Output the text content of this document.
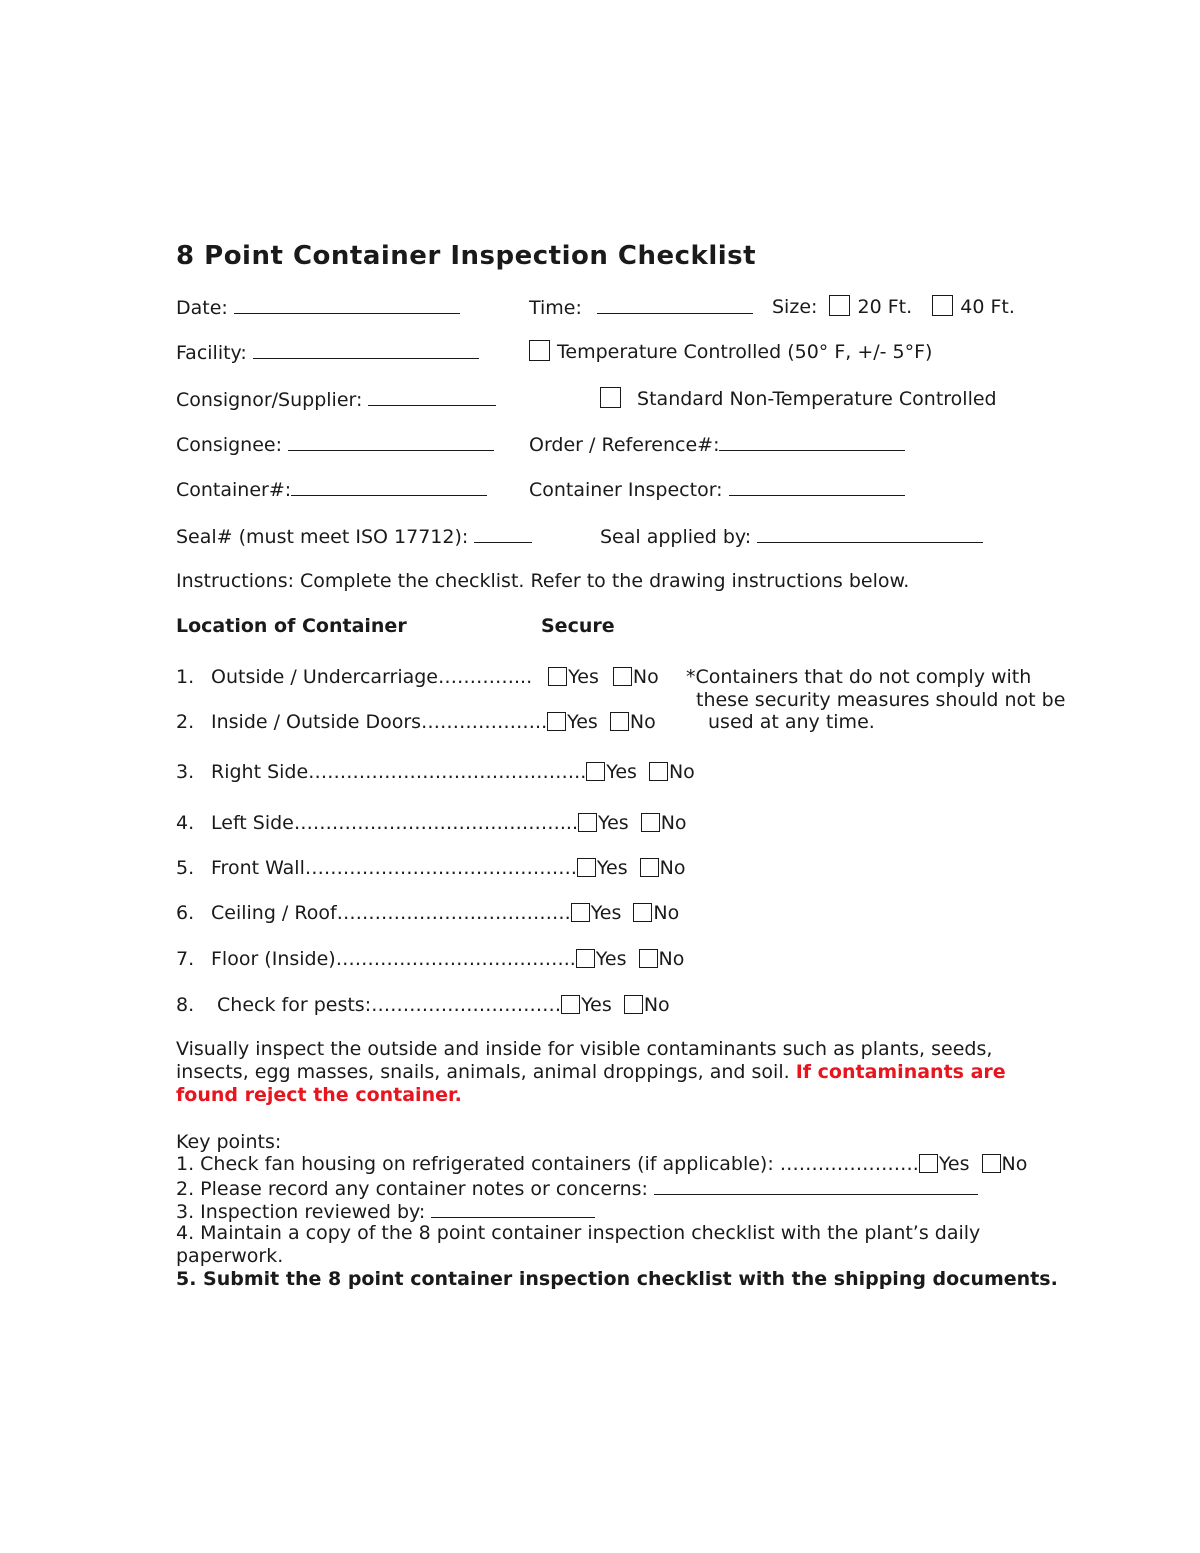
8 Point Container Inspection Checklist
Date:	Time:	Size: 20 Ft.	40 Ft.
Facility:	Temperature Controlled (50° F, +/- 5°F)
Consignor/Supplier:	Standard Non-Temperature Controlled
Consignee:	Order / Reference#:
Container#:	Container Inspector:
Seal# (must meet ISO 17712):	Seal applied by:
Instructions: Complete the checklist. Refer to the drawing instructions below.
Location of Container	Secure
1. Outside / Undercarriage…………... Yes No
2. Inside / Outside Doors……………….. Yes No
*Containers that do not comply with
these security measures should not be
used at any time.
3. Right Side…………………………………….. Yes No
4. Left Side……………………………………... Yes No
5. Front Wall……………………………………. Yes No
6. Ceiling / Roof………………………………. Yes No
7. Floor (Inside)……………………………….. Yes No
8. Check for pests:………………………… Yes No
Visually inspect the outside and inside for visible contaminants such as plants, seeds, insects, egg masses, snails, animals, animal droppings, and soil. If contaminants are found reject the container.
Key points:
1. Check fan housing on refrigerated containers (if applicable): …………………. Yes No
2. Please record any container notes or concerns:
3. Inspection reviewed by:
4. Maintain a copy of the 8 point container inspection checklist with the plant’s daily paperwork.
5. Submit the 8 point container inspection checklist with the shipping documents.
